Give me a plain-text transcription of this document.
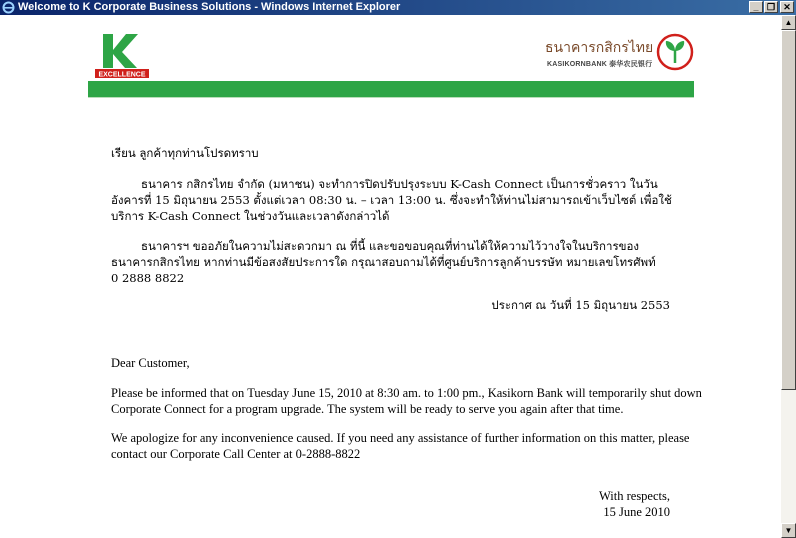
Welcome to K Corporate Business Solutions - Windows Internet Explorer	_ ❐ ✕
EXCELLENCE
ธนาคารกสิกรไทย
KASIKORNBANK 泰华农民银行
เรียน ลูกค้าทุกท่านโปรดทราบ
ธนาคาร กสิกรไทย จำกัด (มหาชน) จะทำการปิดปรับปรุงระบบ K-Cash Connect เป็นการชั่วคราว ในวัน
อังคารที่ 15 มิถุนายน 2553 ตั้งแต่เวลา 08:30 น. – เวลา 13:00 น. ซึ่งจะทำให้ท่านไม่สามารถเข้าเว็บไซต์ เพื่อใช้
บริการ K-Cash Connect ในช่วงวันและเวลาดังกล่าวได้
ธนาคารฯ ขออภัยในความไม่สะดวกมา ณ ที่นี้ และขอขอบคุณที่ท่านได้ให้ความไว้วางใจในบริการของ
ธนาคารกสิกรไทย หากท่านมีข้อสงสัยประการใด กรุณาสอบถามได้ที่ศูนย์บริการลูกค้าบรรษัท หมายเลขโทรศัพท์
0 2888 8822
ประกาศ ณ วันที่ 15 มิถุนายน 2553
Dear Customer,
Please be informed that on Tuesday June 15, 2010 at 8:30 am. to 1:00 pm., Kasikorn Bank will temporarily shut down
Corporate Connect for a program upgrade. The system will be ready to serve you again after that time.
We apologize for any inconvenience caused. If you need any assistance of further information on this matter, please
contact our Corporate Call Center at 0-2888-8822
With respects,
15 June 2010
▲
▼
